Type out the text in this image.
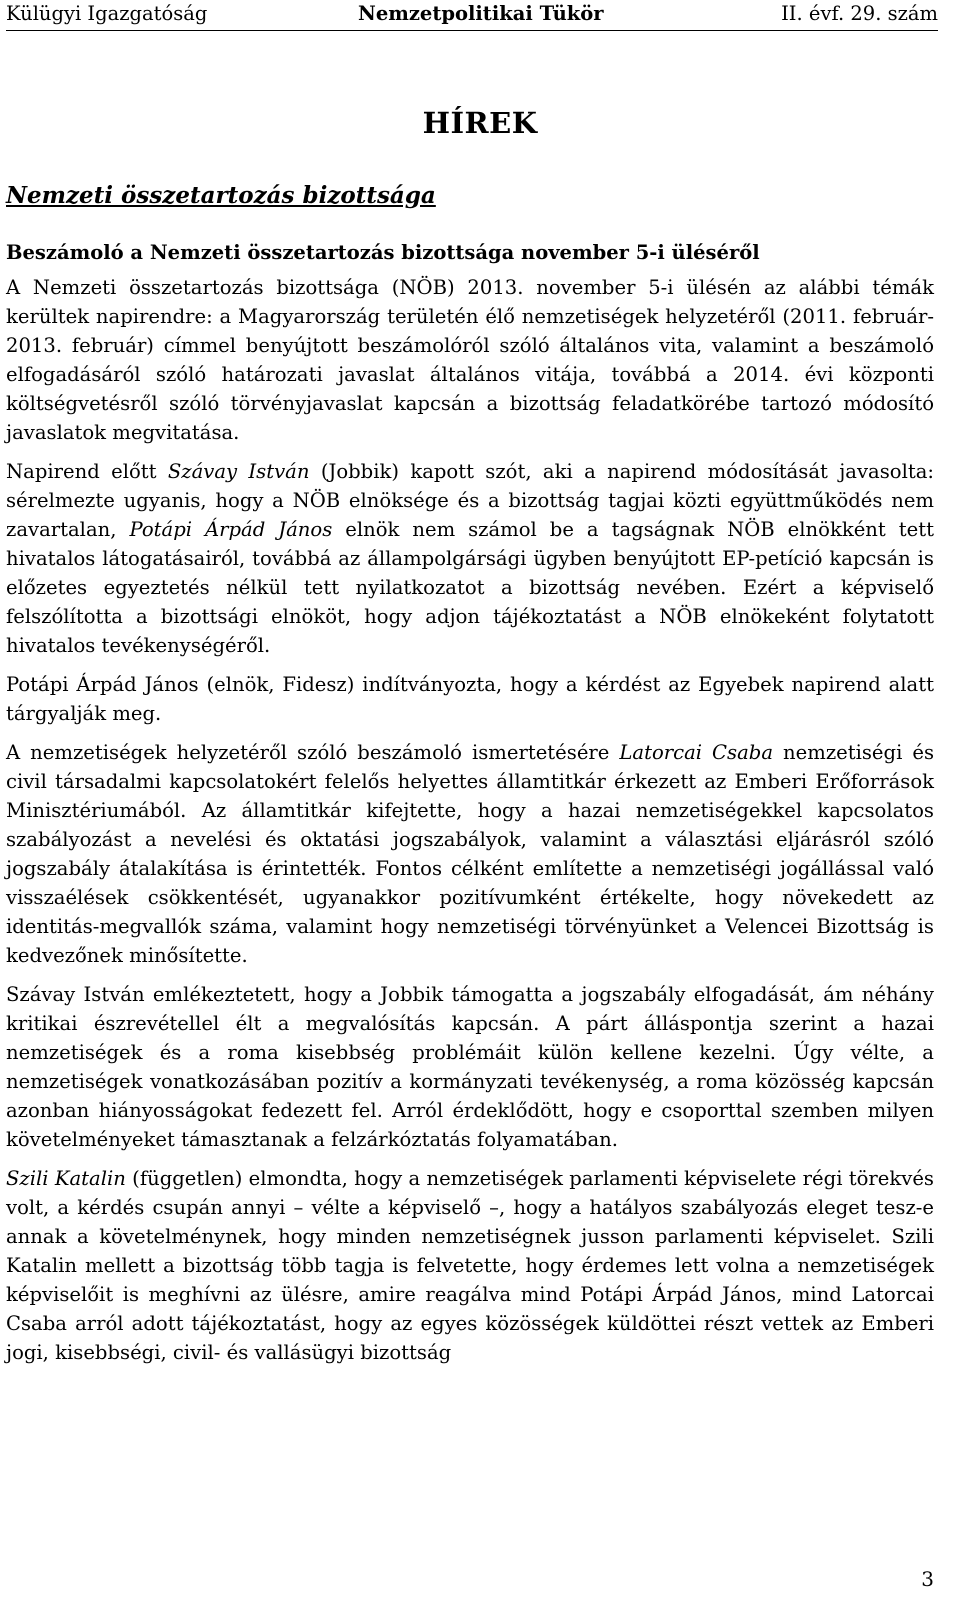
Külügyi Igazgatóság	Nemzetpolitikai Tükör	II. évf. 29. szám
HÍREK
Nemzeti összetartozás bizottsága
Beszámoló a Nemzeti összetartozás bizottsága november 5-i üléséről

A Nemzeti összetartozás bizottsága (NÖB) 2013. november 5-i ülésén az alábbi témák kerültek napirendre: a Magyarország területén élő nemzetiségek helyzetéről (2011. február-2013. február) címmel benyújtott beszámolóról szóló általános vita, valamint a beszámoló elfogadásáról szóló határozati javaslat általános vitája, továbbá a 2014. évi központi költségvetésről szóló törvényjavaslat kapcsán a bizottság feladatkörébe tartozó módosító javaslatok megvitatása.

Napirend előtt Szávay István (Jobbik) kapott szót, aki a napirend módosítását javasolta: sérelmezte ugyanis, hogy a NÖB elnöksége és a bizottság tagjai közti együttműködés nem zavartalan, Potápi Árpád János elnök nem számol be a tagságnak NÖB elnökként tett hivatalos látogatásairól, továbbá az állampolgársági ügyben benyújtott EP-petíció kapcsán is előzetes egyeztetés nélkül tett nyilatkozatot a bizottság nevében. Ezért a képviselő felszólította a bizottsági elnököt, hogy adjon tájékoztatást a NÖB elnökeként folytatott hivatalos tevékenységéről.

Potápi Árpád János (elnök, Fidesz) indítványozta, hogy a kérdést az Egyebek napirend alatt tárgyalják meg.

A nemzetiségek helyzetéről szóló beszámoló ismertetésére Latorcai Csaba nemzetiségi és civil társadalmi kapcsolatokért felelős helyettes államtitkár érkezett az Emberi Erőforrások Minisztériumából. Az államtitkár kifejtette, hogy a hazai nemzetiségekkel kapcsolatos szabályozást a nevelési és oktatási jogszabályok, valamint a választási eljárásról szóló jogszabály átalakítása is érintették. Fontos célként említette a nemzetiségi jogállással való visszaélések csökkentését, ugyanakkor pozitívumként értékelte, hogy növekedett az identitás-megvallók száma, valamint hogy nemzetiségi törvényünket a Velencei Bizottság is kedvezőnek minősítette.

Szávay István emlékeztetett, hogy a Jobbik támogatta a jogszabály elfogadását, ám néhány kritikai észrevétellel élt a megvalósítás kapcsán. A párt álláspontja szerint a hazai nemzetiségek és a roma kisebbség problémáit külön kellene kezelni. Úgy vélte, a nemzetiségek vonatkozásában pozitív a kormányzati tevékenység, a roma közösség kapcsán azonban hiányosságokat fedezett fel. Arról érdeklődött, hogy e csoporttal szemben milyen követelményeket támasztanak a felzárkóztatás folyamatában.

Szili Katalin (független) elmondta, hogy a nemzetiségek parlamenti képviselete régi törekvés volt, a kérdés csupán annyi – vélte a képviselő –, hogy a hatályos szabályozás eleget tesz-e annak a követelménynek, hogy minden nemzetiségnek jusson parlamenti képviselet. Szili Katalin mellett a bizottság több tagja is felvetette, hogy érdemes lett volna a nemzetiségek képviselőit is meghívni az ülésre, amire reagálva mind Potápi Árpád János, mind Latorcai Csaba arról adott tájékoztatást, hogy az egyes közösségek küldöttei részt vettek az Emberi jogi, kisebbségi, civil- és vallásügyi bizottság

3
